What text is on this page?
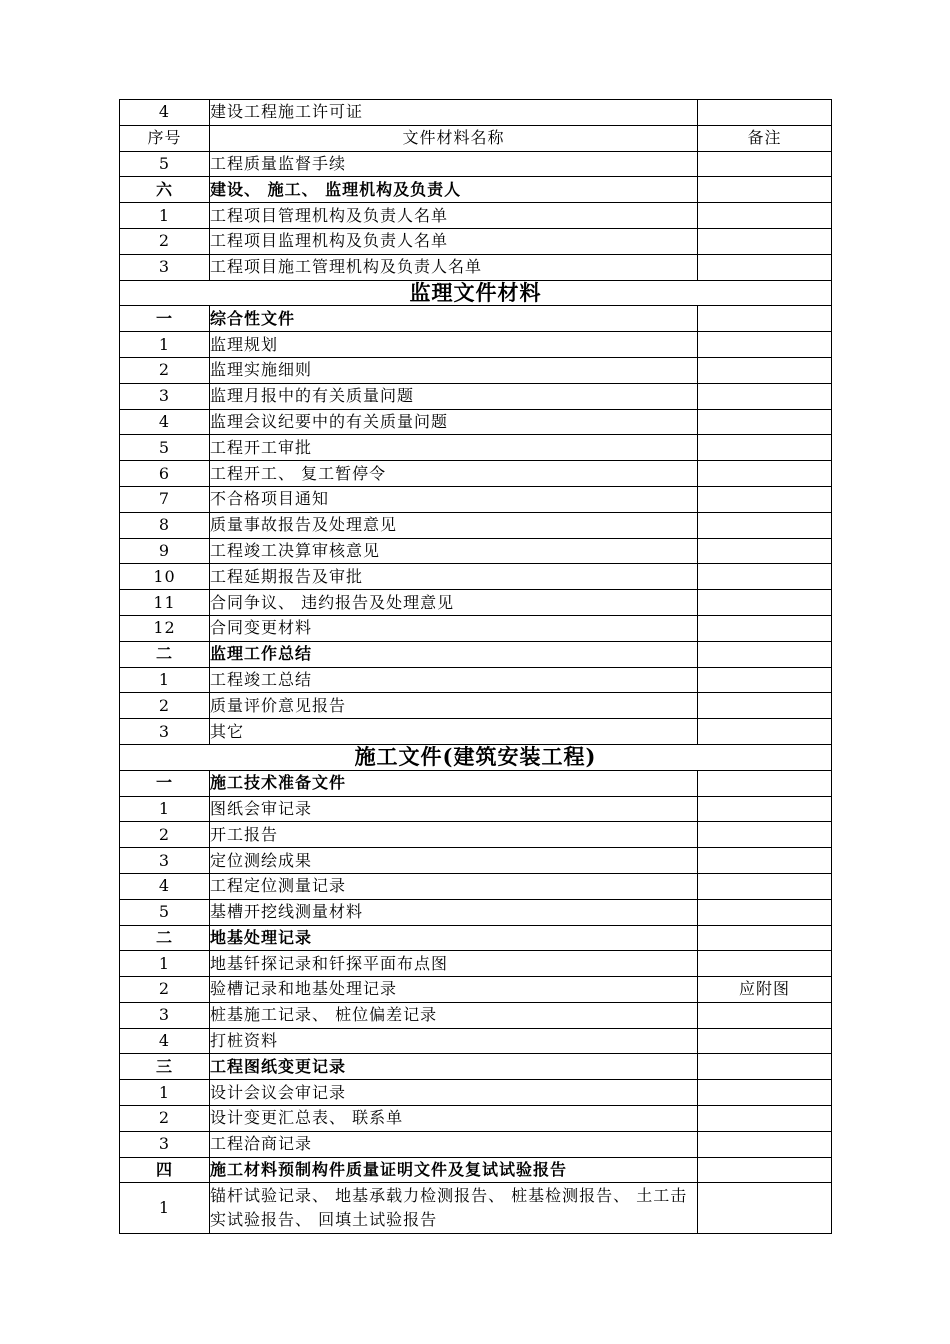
4	建设工程施工许可证	
序号	文件材料名称	备注
5	工程质量监督手续	
六	建设、 施工、 监理机构及负责人	
1	工程项目管理机构及负责人名单	
2	工程项目监理机构及负责人名单	
3	工程项目施工管理机构及负责人名单	
监理文件材料		
一	综合性文件	
1	监理规划	
2	监理实施细则	
3	监理月报中的有关质量问题	
4	监理会议纪要中的有关质量问题	
5	工程开工审批	
6	工程开工、 复工暂停令	
7	不合格项目通知	
8	质量事故报告及处理意见	
9	工程竣工决算审核意见	
10	工程延期报告及审批	
11	合同争议、 违约报告及处理意见	
12	合同变更材料	
二	监理工作总结	
1	工程竣工总结	
2	质量评价意见报告	
3	其它	
施工文件(建筑安装工程)		
一	施工技术准备文件	
1	图纸会审记录	
2	开工报告	
3	定位测绘成果	
4	工程定位测量记录	
5	基槽开挖线测量材料	
二	地基处理记录	
1	地基钎探记录和钎探平面布点图	
2	验槽记录和地基处理记录	应附图
3	桩基施工记录、 桩位偏差记录	
4	打桩资料	
三	工程图纸变更记录	
1	设计会议会审记录	
2	设计变更汇总表、 联系单	
3	工程洽商记录	
四	施工材料预制构件质量证明文件及复试试验报告	
1	锚杆试验记录、 地基承载力检测报告、 桩基检测报告、 土工击实试验报告、 回填土试验报告	
